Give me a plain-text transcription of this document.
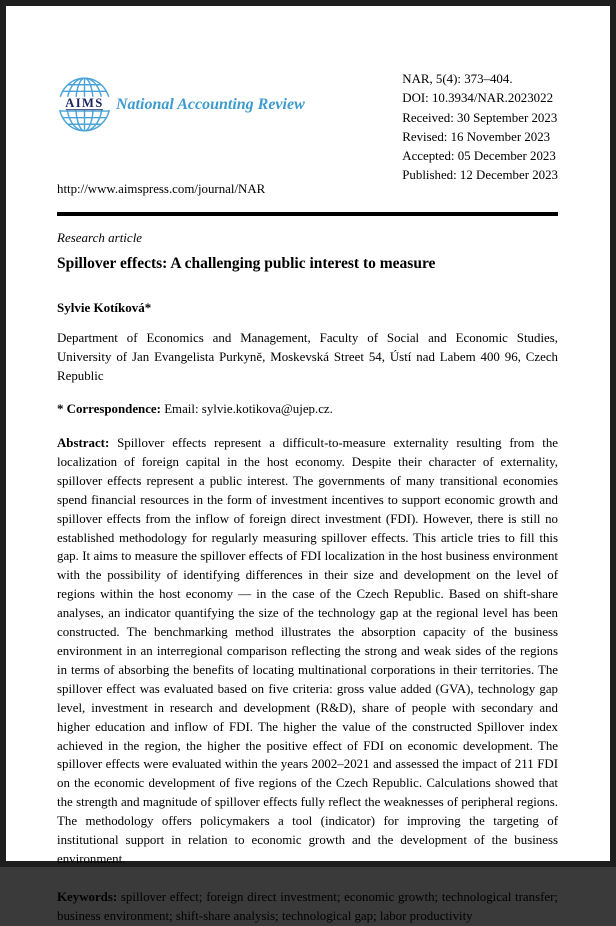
AIMS National Accounting Review
NAR, 5(4): 373–404.
DOI: 10.3934/NAR.2023022
Received: 30 September 2023
Revised: 16 November 2023
Accepted: 05 December 2023
Published: 12 December 2023
http://www.aimspress.com/journal/NAR
Research article
Spillover effects: A challenging public interest to measure
Sylvie Kotíková*

Department of Economics and Management, Faculty of Social and Economic Studies, University of Jan Evangelista Purkyně, Moskevská Street 54, Ústí nad Labem 400 96, Czech Republic

* Correspondence: Email: sylvie.kotikova@ujep.cz.

Abstract: Spillover effects represent a difficult-to-measure externality resulting from the localization of foreign capital in the host economy. Despite their character of externality, spillover effects represent a public interest. The governments of many transitional economies spend financial resources in the form of investment incentives to support economic growth and spillover effects from the inflow of foreign direct investment (FDI). However, there is still no established methodology for regularly measuring spillover effects. This article tries to fill this gap. It aims to measure the spillover effects of FDI localization in the host business environment with the possibility of identifying differences in their size and development on the level of regions within the host economy — in the case of the Czech Republic. Based on shift-share analyses, an indicator quantifying the size of the technology gap at the regional level has been constructed. The benchmarking method illustrates the absorption capacity of the business environment in an interregional comparison reflecting the strong and weak sides of the regions in terms of absorbing the benefits of locating multinational corporations in their territories. The spillover effect was evaluated based on five criteria: gross value added (GVA), technology gap level, investment in research and development (R&D), share of people with secondary and higher education and inflow of FDI. The higher the value of the constructed Spillover index achieved in the region, the higher the positive effect of FDI on economic development. The spillover effects were evaluated within the years 2002–2021 and assessed the impact of 211 FDI on the economic development of five regions of the Czech Republic. Calculations showed that the strength and magnitude of spillover effects fully reflect the weaknesses of peripheral regions. The methodology offers policymakers a tool (indicator) for improving the targeting of institutional support in relation to economic growth and the development of the business environment.

Keywords: spillover effect; foreign direct investment; economic growth; technological transfer; business environment; shift-share analysis; technological gap; labor productivity
